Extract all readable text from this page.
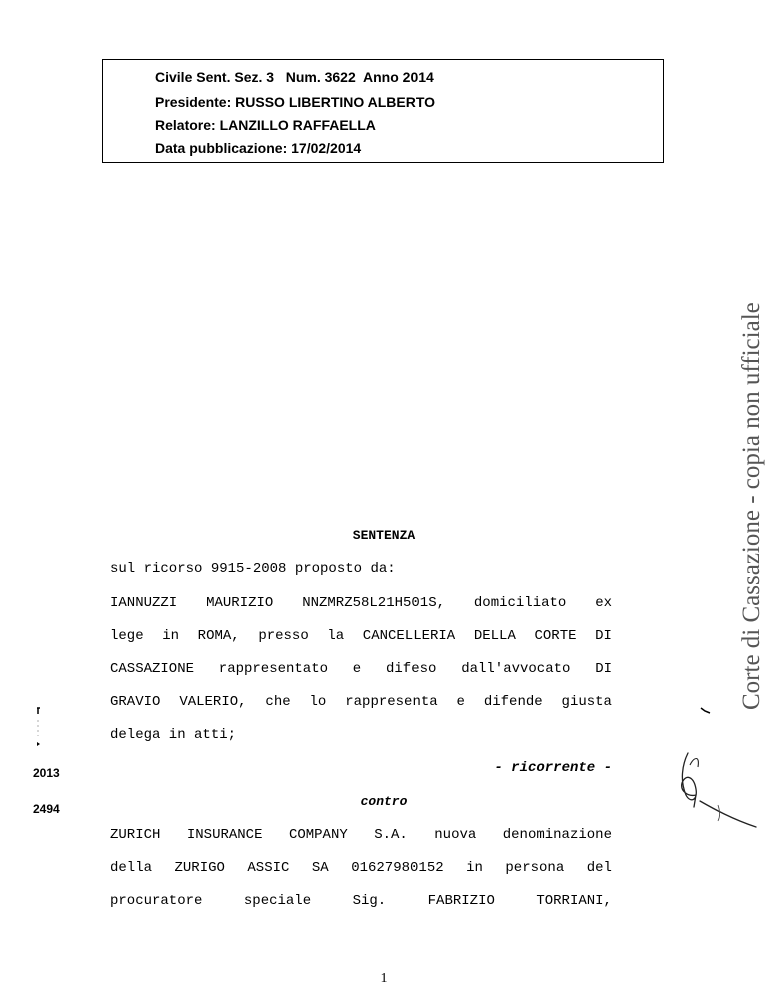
Civile Sent. Sez. 3   Num. 3622  Anno 2014
Presidente: RUSSO LIBERTINO ALBERTO
Relatore: LANZILLO RAFFAELLA
Data pubblicazione: 17/02/2014
Corte di Cassazione - copia non ufficiale
SENTENZA
sul ricorso 9915-2008 proposto da:
IANNUZZI MAURIZIO NNZMRZ58L21H501S, domiciliato ex
lege in ROMA, presso la CANCELLERIA DELLA CORTE DI
CASSAZIONE rappresentato e difeso dall'avvocato DI
GRAVIO VALERIO, che lo rappresenta e difende giusta
delega in atti;
- ricorrente -
contro
ZURICH INSURANCE COMPANY S.A. nuova denominazione
della ZURIGO ASSIC SA 01627980152 in persona del
procuratore	speciale	Sig.	FABRIZIO	TORRIANI,
2013
2494
1
